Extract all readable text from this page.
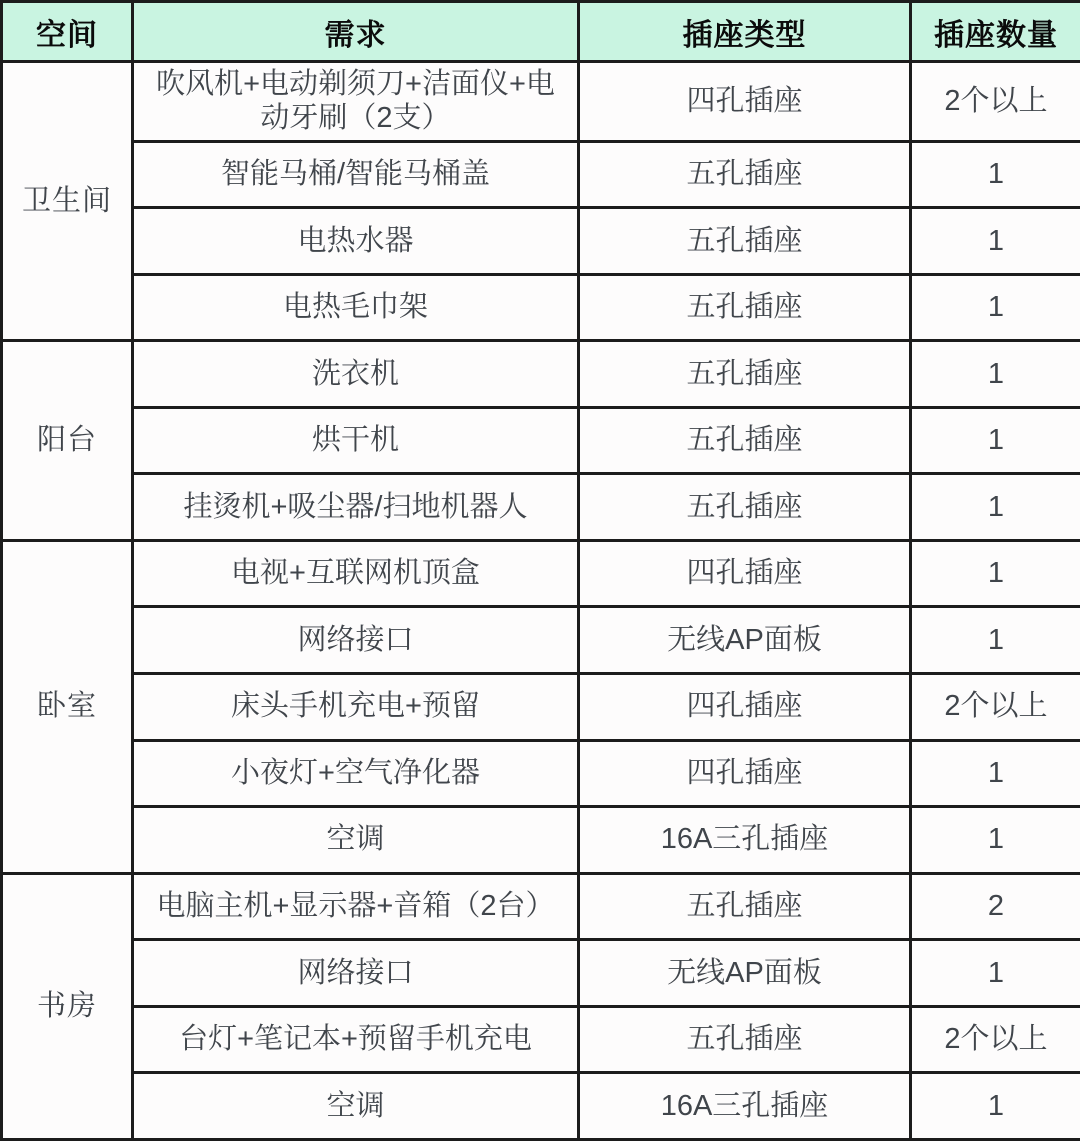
空间	需求	插座类型	插座数量
卫生间	吹风机+电动剃须刀+洁面仪+电动牙刷（2支）	四孔插座	2个以上
	智能马桶/智能马桶盖	五孔插座	1
	电热水器	五孔插座	1
	电热毛巾架	五孔插座	1
阳台	洗衣机	五孔插座	1
	烘干机	五孔插座	1
	挂烫机+吸尘器/扫地机器人	五孔插座	1
卧室	电视+互联网机顶盒	四孔插座	1
	网络接口	无线AP面板	1
	床头手机充电+预留	四孔插座	2个以上
	小夜灯+空气净化器	四孔插座	1
	空调	16A三孔插座	1
书房	电脑主机+显示器+音箱（2台）	五孔插座	2
	网络接口	无线AP面板	1
	台灯+笔记本+预留手机充电	五孔插座	2个以上
	空调	16A三孔插座	1
